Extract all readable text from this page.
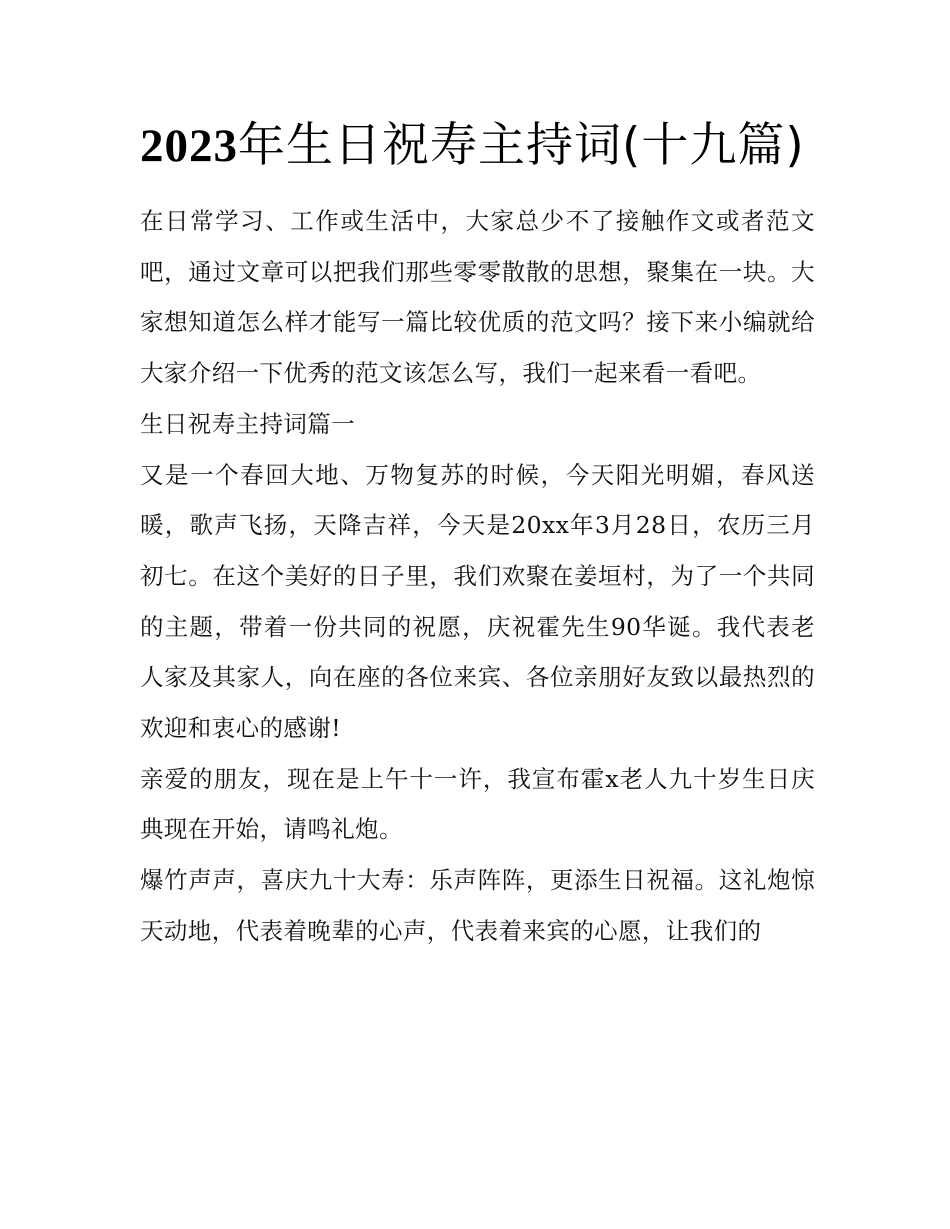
2023年生日祝寿主持词(十九篇)

在日常学习、工作或生活中，大家总少不了接触作文或者范文吧，通过文章可以把我们那些零零散散的思想，聚集在一块。大家想知道怎么样才能写一篇比较优质的范文吗？接下来小编就给大家介绍一下优秀的范文该怎么写，我们一起来看一看吧。

生日祝寿主持词篇一

又是一个春回大地、万物复苏的时候，今天阳光明媚，春风送暖，歌声飞扬，天降吉祥，今天是20xx年3月28日，农历三月初七。在这个美好的日子里，我们欢聚在姜垣村，为了一个共同的主题，带着一份共同的祝愿，庆祝霍先生90华诞。我代表老人家及其家人，向在座的各位来宾、各位亲朋好友致以最热烈的欢迎和衷心的感谢!

亲爱的朋友，现在是上午十一许，我宣布霍x老人九十岁生日庆典现在开始，请鸣礼炮。

爆竹声声，喜庆九十大寿：乐声阵阵，更添生日祝福。这礼炮惊天动地，代表着晚辈的心声，代表着来宾的心愿，让我们的
